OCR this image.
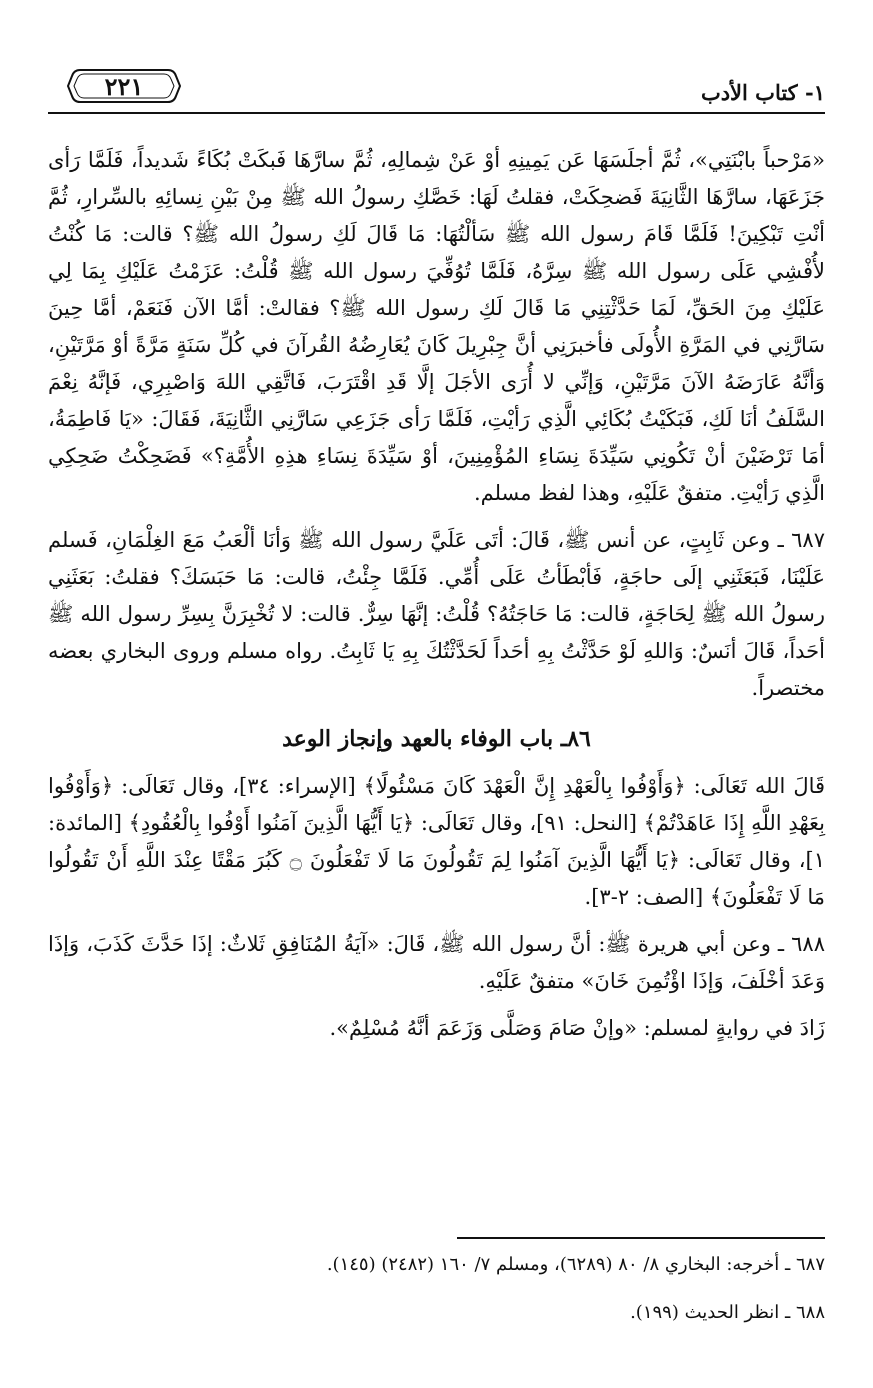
٢٢١	١- كتاب الأدب

«مَرْحباً بابْنَتِي»، ثُمَّ أجلَسَهَا عَن يَمِينِهِ أوْ عَنْ شِمالِهِ، ثُمَّ سارَّهَا فَبكَتْ بُكَاءً شَديداً، فَلَمَّا رَأى جَزَعَهَا، سارَّهَا الثَّانِيَةَ فَضحِكَتْ، فقلتُ لَهَا: خَصَّكِ رسولُ الله ﷺ مِنْ بَيْنِ نِسائِهِ بالسِّرارِ، ثُمَّ أنْتِ تَبْكِينَ! فَلَمَّا قَامَ رسول الله ﷺ سَألْتُهَا: مَا قَالَ لَكِ رسولُ الله ﷺ؟ قالت: مَا كُنْتُ لأُفْشِي عَلَى رسول الله ﷺ سِرَّهُ، فَلَمَّا تُوُفِّيَ رسول الله ﷺ قُلْتُ: عَزَمْتُ عَلَيْكِ بِمَا لِي عَلَيْكِ مِنَ الحَقِّ، لَمَا حَدَّثْتِنِي مَا قَالَ لَكِ رسول الله ﷺ؟ فقالتْ: أمَّا الآن فَنَعَمْ، أمَّا حِينَ سَارَّنِي في المَرَّةِ الأُولَى فأخبرَنِي أنَّ جِبْرِيلَ كَانَ يُعَارِضُهُ القُرآنَ في كُلِّ سَنَةٍ مَرَّةً أوْ مَرَّتَيْنِ، وَأنَّهُ عَارَضَهُ الآنَ مَرَّتَيْنِ، وَإنِّي لا أُرَى الأجَلَ إلَّا قَدِ اقْتَرَبَ، فَاتَّقِي اللهَ وَاصْبِرِي، فَإنَّهُ نِعْمَ السَّلَفُ أنَا لَكِ، فَبَكَيْتُ بُكَائِي الَّذِي رَأيْتِ، فَلَمَّا رَأى جَزَعِي سَارَّنِي الثَّانِيَةَ، فَقَالَ: «يَا فَاطِمَةُ، أمَا تَرْضَيْنَ أنْ تَكُونِي سَيِّدَةَ نِسَاءِ المُؤْمِنِينَ، أوْ سَيِّدَةَ نِسَاءِ هذِهِ الأُمَّةِ؟» فَضَحِكْتُ ضَحِكِي الَّذِي رَأيْتِ. متفقٌ عَلَيْهِ، وهذا لفظ مسلم.

٦٨٧ ـ وعن ثَابِتٍ، عن أنس ﷺ، قَالَ: أتَى عَلَيَّ رسول الله ﷺ وَأنَا ألْعَبُ مَعَ الغِلْمَانِ، فَسلم عَلَيْنَا، فَبَعَثَنِي إلَى حاجَةٍ، فَأبْطَأتُ عَلَى أُمِّي. فَلَمَّا جِئْتُ، قالت: مَا حَبَسَكَ؟ فقلتُ: بَعَثَنِي رسولُ الله ﷺ لِحَاجَةٍ، قالت: مَا حَاجَتُهُ؟ قُلْتُ: إنَّهَا سِرٌّ. قالت: لا تُخْبِرَنَّ بِسِرِّ رسول الله ﷺ أحَداً، قَالَ أنَسٌ: وَاللهِ لَوْ حَدَّثْتُ بِهِ أحَداً لَحَدَّثْتُكَ بِهِ يَا ثَابِتُ. رواه مسلم وروى البخاري بعضه مختصراً.

٨٦ـ باب الوفاء بالعهد وإنجاز الوعد

قَالَ الله تَعَالَى: ﴿وَأَوْفُوا بِالْعَهْدِ إِنَّ الْعَهْدَ كَانَ مَسْئُولًا﴾ [الإسراء: ٣٤]، وقال تَعَالَى: ﴿وَأَوْفُوا بِعَهْدِ اللَّهِ إِذَا عَاهَدْتُمْ﴾ [النحل: ٩١]، وقال تَعَالَى: ﴿يَا أَيُّهَا الَّذِينَ آمَنُوا أَوْفُوا بِالْعُقُودِ﴾ [المائدة: ١]، وقال تَعَالَى: ﴿يَا أَيُّهَا الَّذِينَ آمَنُوا لِمَ تَقُولُونَ مَا لَا تَفْعَلُونَ ۝ كَبُرَ مَقْتًا عِنْدَ اللَّهِ أَنْ تَقُولُوا مَا لَا تَفْعَلُونَ﴾ [الصف: ٢-٣].

٦٨٨ ـ وعن أبي هريرة ﷺ: أنَّ رسول الله ﷺ، قَالَ: «آيَةُ المُنَافِقِ ثَلاثٌ: إذَا حَدَّثَ كَذَبَ، وَإذَا وَعَدَ أخْلَفَ، وَإذَا اؤْتُمِنَ خَانَ» متفقٌ عَلَيْهِ.

زَادَ في روايةٍ لمسلم: «وإنْ صَامَ وَصَلَّى وَزَعَمَ أنَّهُ مُسْلِمٌ».

٦٨٧ ـ أخرجه: البخاري ٨/ ٨٠ (٦٢٨٩)، ومسلم ٧/ ١٦٠ (٢٤٨٢) (١٤٥).

٦٨٨ ـ انظر الحديث (١٩٩).
